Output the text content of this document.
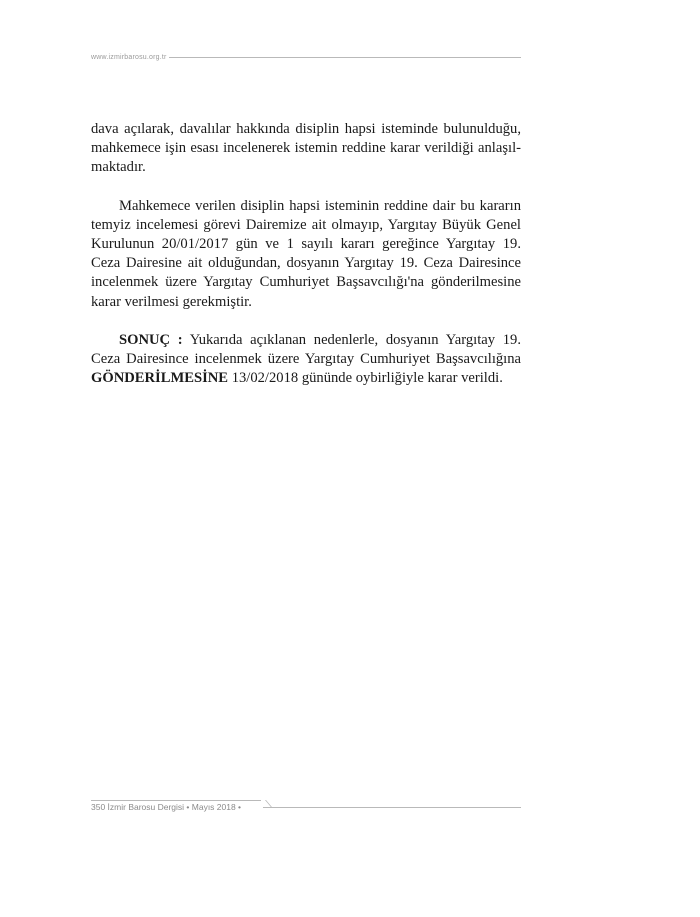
www.izmirbarosu.org.tr
dava açılarak, davalılar hakkında disiplin hapsi isteminde bulunulduğu,
mahkemece işin esası incelenerek istemin reddine karar verildiği anlaşıl-
maktadır.
Mahkemece verilen disiplin hapsi isteminin reddine dair bu kararın
temyiz incelemesi görevi Dairemize ait olmayıp, Yargıtay Büyük Genel
Kurulunun 20/01/2017 gün ve 1 sayılı kararı gereğince Yargıtay 19.
Ceza Dairesine ait olduğundan, dosyanın Yargıtay 19. Ceza Dairesince
incelenmek üzere Yargıtay Cumhuriyet Başsavcılığı'na gönderilmesine
karar verilmesi gerekmiştir.
SONUÇ : Yukarıda açıklanan nedenlerle, dosyanın Yargıtay 19.
Ceza Dairesince incelenmek üzere Yargıtay Cumhuriyet Başsavcılığına
GÖNDERİLMESİNE 13/02/2018 gününde oybirliğiyle karar verildi.
350 İzmir Barosu Dergisi • Mayıs 2018 •
